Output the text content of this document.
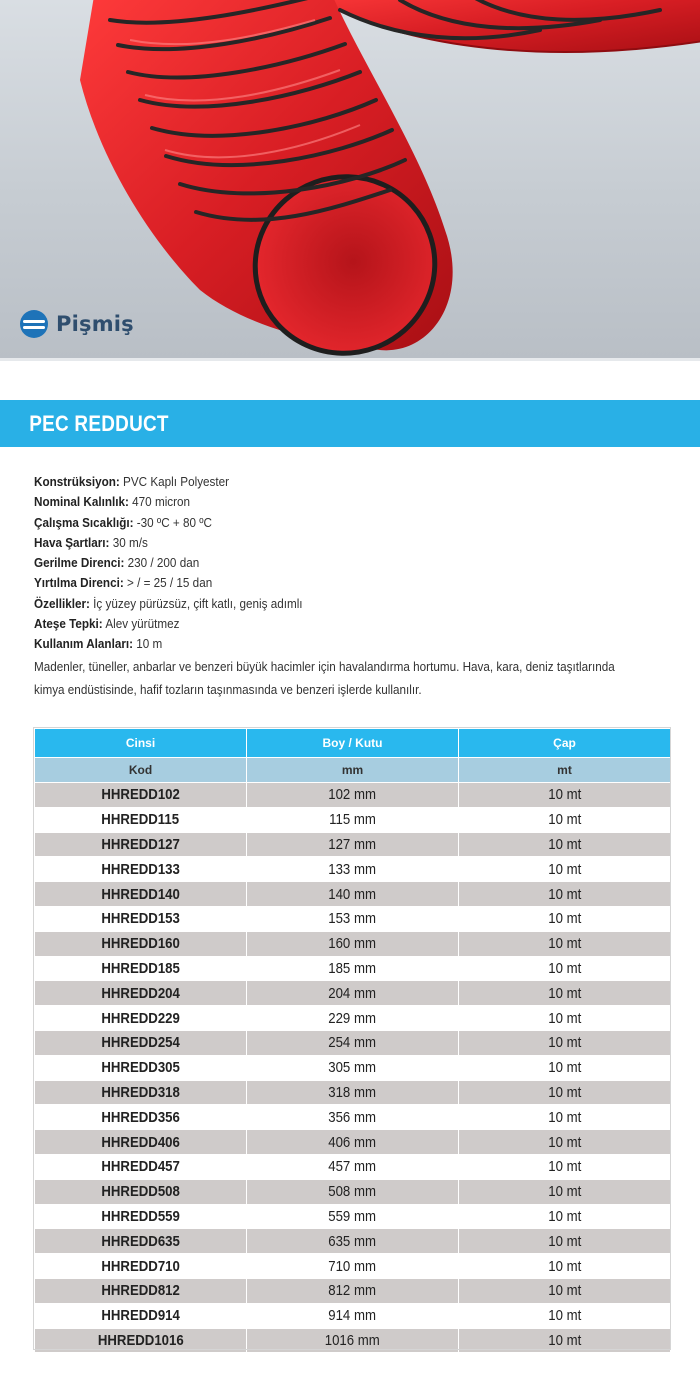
Pişmiş
PEC REDDUCT
Konstrüksiyon: PVC Kaplı Polyester
Nominal Kalınlık: 470 micron
Çalışma Sıcaklığı: -30 ºC + 80 ºC
Hava Şartları: 30 m/s
Gerilme Direnci: 230 / 200 dan
Yırtılma Direnci: > / = 25 / 15 dan
Özellikler: İç yüzey pürüzsüz, çift katlı, geniş adımlı
Ateşe Tepki: Alev yürütmez
Kullanım Alanları: 10 m
Madenler, tüneller, anbarlar ve benzeri büyük hacimler için havalandırma hortumu. Hava, kara, deniz taşıtlarında
kimya endüstisinde, hafif tozların taşınmasında ve benzeri işlerde kullanılır.
Cinsi	Boy / Kutu	Çap
Kod	mm	mt
HHREDD102	102 mm	10 mt
HHREDD115	115 mm	10 mt
HHREDD127	127 mm	10 mt
HHREDD133	133 mm	10 mt
HHREDD140	140 mm	10 mt
HHREDD153	153 mm	10 mt
HHREDD160	160 mm	10 mt
HHREDD185	185 mm	10 mt
HHREDD204	204 mm	10 mt
HHREDD229	229 mm	10 mt
HHREDD254	254 mm	10 mt
HHREDD305	305 mm	10 mt
HHREDD318	318 mm	10 mt
HHREDD356	356 mm	10 mt
HHREDD406	406 mm	10 mt
HHREDD457	457 mm	10 mt
HHREDD508	508 mm	10 mt
HHREDD559	559 mm	10 mt
HHREDD635	635 mm	10 mt
HHREDD710	710 mm	10 mt
HHREDD812	812 mm	10 mt
HHREDD914	914 mm	10 mt
HHREDD1016	1016 mm	10 mt
